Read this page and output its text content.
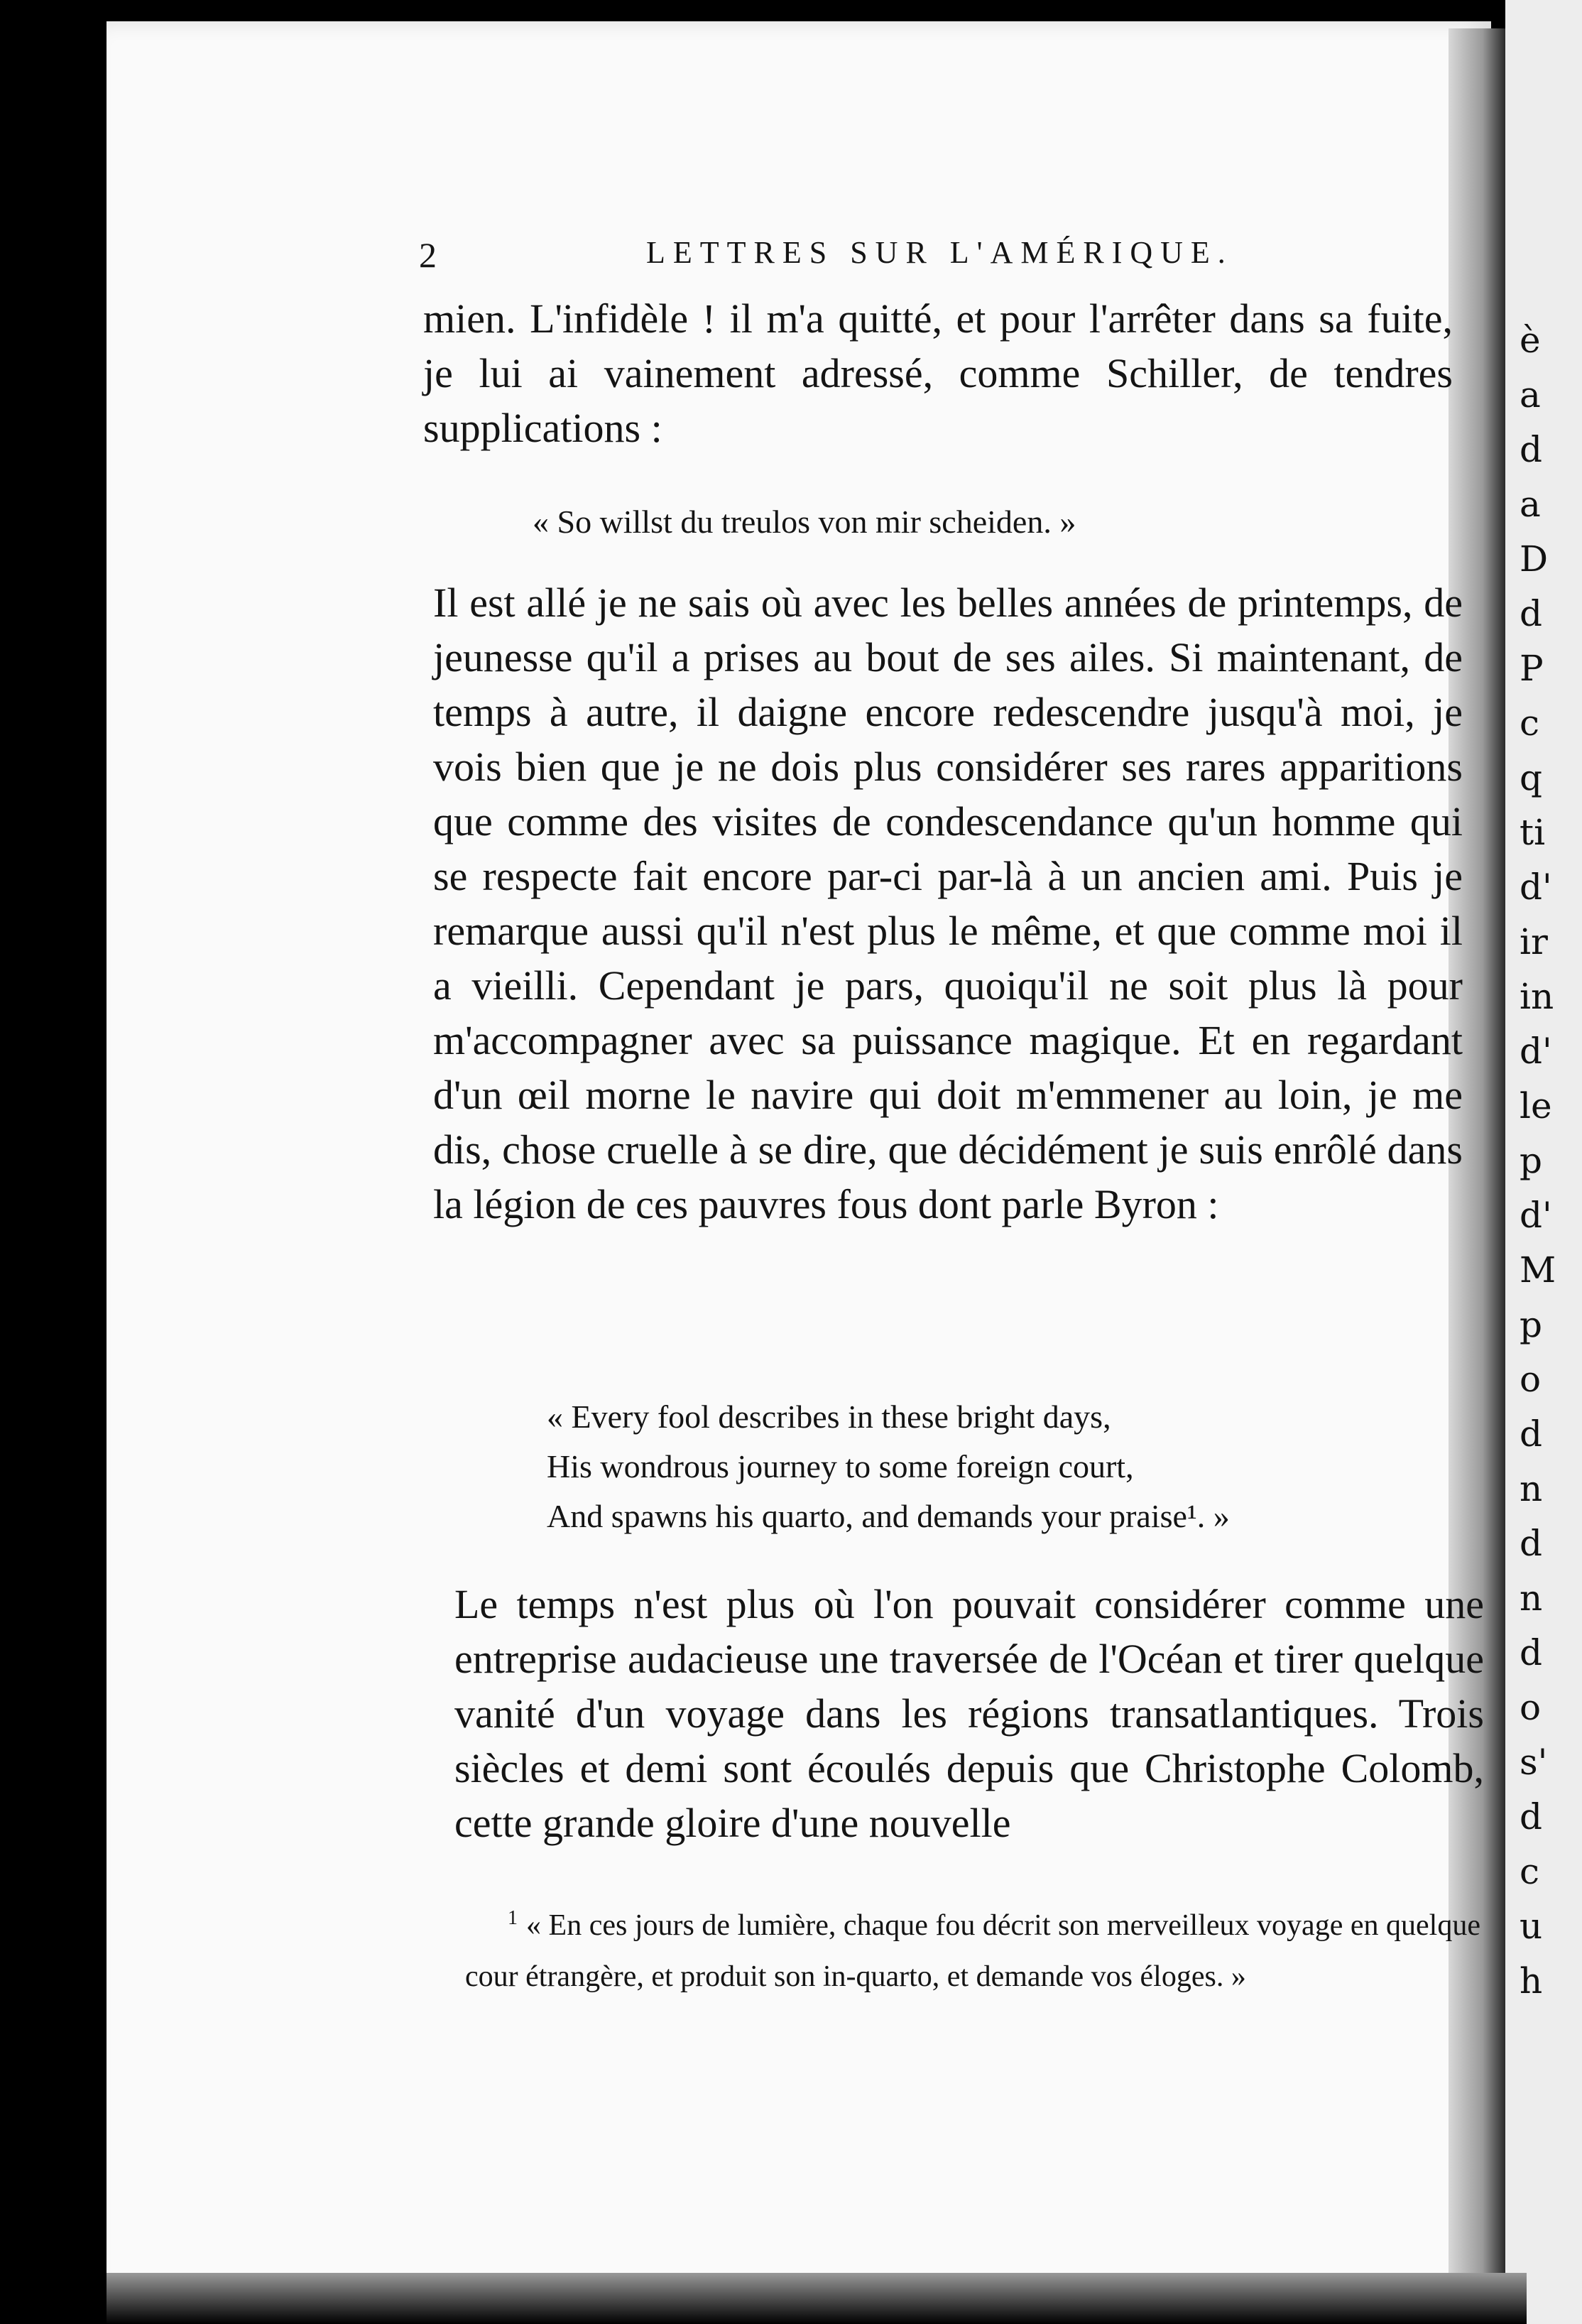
è
a
d
a
D
d
P
c
q
ti
d'
ir
in
d'
le
p
d'
M
p
o
d
n
d
n
d
o
s'
d
c
u
h
2	LETTRES SUR L'AMÉRIQUE.
mien. L'infidèle ! il m'a quitté, et pour l'arrêter dans sa fuite, je lui ai vainement adressé, comme Schiller, de tendres supplications :
« So willst du treulos von mir scheiden. »
Il est allé je ne sais où avec les belles années de printemps, de jeunesse qu'il a prises au bout de ses ailes. Si maintenant, de temps à autre, il daigne encore redescendre jusqu'à moi, je vois bien que je ne dois plus considérer ses rares apparitions que comme des visites de condescendance qu'un homme qui se respecte fait encore par-ci par-là à un ancien ami. Puis je remarque aussi qu'il n'est plus le même, et que comme moi il a vieilli. Cependant je pars, quoiqu'il ne soit plus là pour m'accompagner avec sa puissance magique. Et en regardant d'un œil morne le navire qui doit m'emmener au loin, je me dis, chose cruelle à se dire, que décidément je suis enrôlé dans la légion de ces pauvres fous dont parle Byron :
« Every fool describes in these bright days,
His wondrous journey to some foreign court,
And spawns his quarto, and demands your praise¹. »
Le temps n'est plus où l'on pouvait considérer comme une entreprise audacieuse une traversée de l'Océan et tirer quelque vanité d'un voyage dans les régions transatlantiques. Trois siècles et demi sont écoulés depuis que Christophe Colomb, cette grande gloire d'une nouvelle
$^1$ « En ces jours de lumière, chaque fou décrit son merveilleux voyage en quelque cour étrangère, et produit son in-quarto, et demande vos éloges. »
